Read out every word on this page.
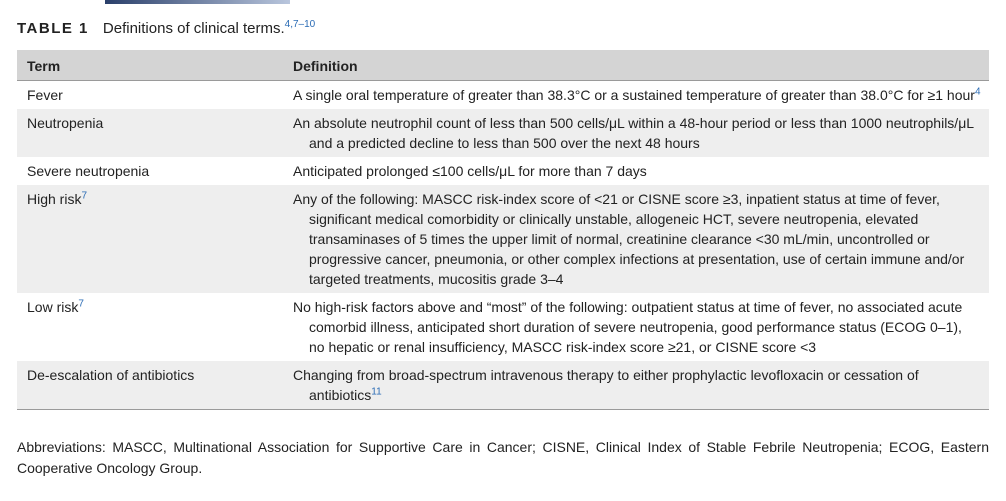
TABLE 1 Definitions of clinical terms.$^{4,7-10}$
Term	Definition
Fever	A single oral temperature of greater than 38.3°C or a sustained temperature of greater than 38.0°C for ≥1 hour$^4$

Neutropenia	An absolute neutrophil count of less than 500 cells/μL within a 48-hour period or less than 1000 neutrophils/μL and a predicted decline to less than 500 over the next 48 hours

Severe neutropenia	Anticipated prolonged ≤100 cells/μL for more than 7 days

High risk$^7$	Any of the following: MASCC risk-index score of <21 or CISNE score ≥3, inpatient status at time of fever, significant medical comorbidity or clinically unstable, allogeneic HCT, severe neutropenia, elevated transaminases of 5 times the upper limit of normal, creatinine clearance <30 mL/min, uncontrolled or progressive cancer, pneumonia, or other complex infections at presentation, use of certain immune and/or targeted treatments, mucositis grade 3–4

Low risk$^7$	No high-risk factors above and “most” of the following: outpatient status at time of fever, no associated acute comorbid illness, anticipated short duration of severe neutropenia, good performance status (ECOG 0–1), no hepatic or renal insufficiency, MASCC risk-index score ≥21, or CISNE score <3

De-escalation of antibiotics	Changing from broad-spectrum intravenous therapy to either prophylactic levofloxacin or cessation of antibiotics$^{11}$
Abbreviations: MASCC, Multinational Association for Supportive Care in Cancer; CISNE, Clinical Index of Stable Febrile Neutropenia; ECOG, Eastern Cooperative Oncology Group.
